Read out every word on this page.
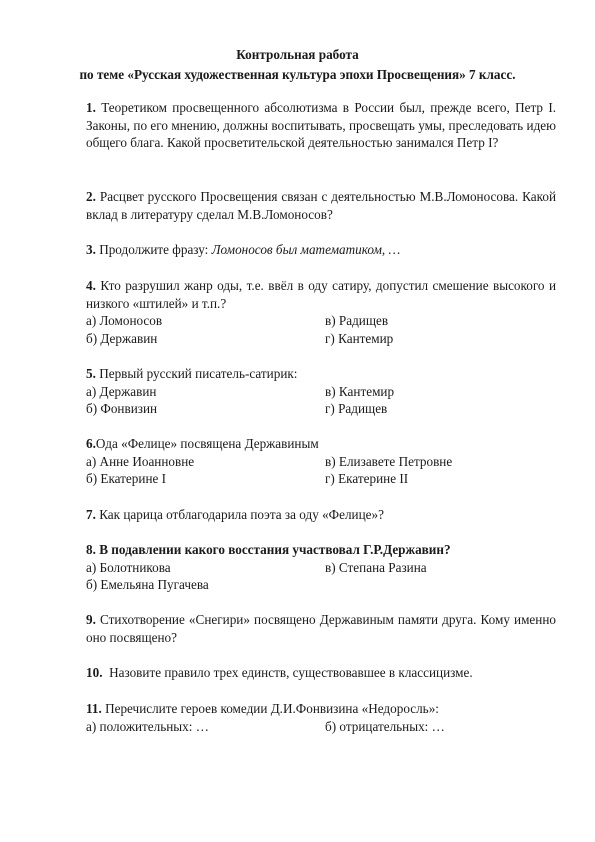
Контрольная работа
по теме «Русская художественная культура эпохи Просвещения» 7 класс.
1. Теоретиком просвещенного абсолютизма в России был, прежде всего, Петр I. Законы, по его мнению, должны воспитывать, просвещать умы, преследовать идею общего блага. Какой просветительской деятельностью занимался Петр I?
2. Расцвет русского Просвещения связан с деятельностью М.В.Ломоносова. Какой вклад в литературу сделал М.В.Ломоносов?
3. Продолжите фразу: Ломоносов был математиком, …
4. Кто разрушил жанр оды, т.е. ввёл в оду сатиру, допустил смешение высокого и низкого «штилей» и т.п.?
а) Ломоносов	в) Радищев
б) Державин	г) Кантемир
5. Первый русский писатель-сатирик:
а) Державин	в) Кантемир
б) Фонвизин	г) Радищев
6.Ода «Фелице» посвящена Державиным
а) Анне Иоанновне	в) Елизавете Петровне
б) Екатерине I	г) Екатерине II
7. Как царица отблагодарила поэта за оду «Фелице»?
8. В подавлении какого восстания участвовал Г.Р.Державин?
а) Болотникова	в) Степана Разина
б) Емельяна Пугачева
9. Стихотворение «Снегири» посвящено Державиным памяти друга. Кому именно оно посвящено?
10. Назовите правило трех единств, существовавшее в классицизме.
11. Перечислите героев комедии Д.И.Фонвизина «Недоросль»:
а) положительных: …	б) отрицательных: …
